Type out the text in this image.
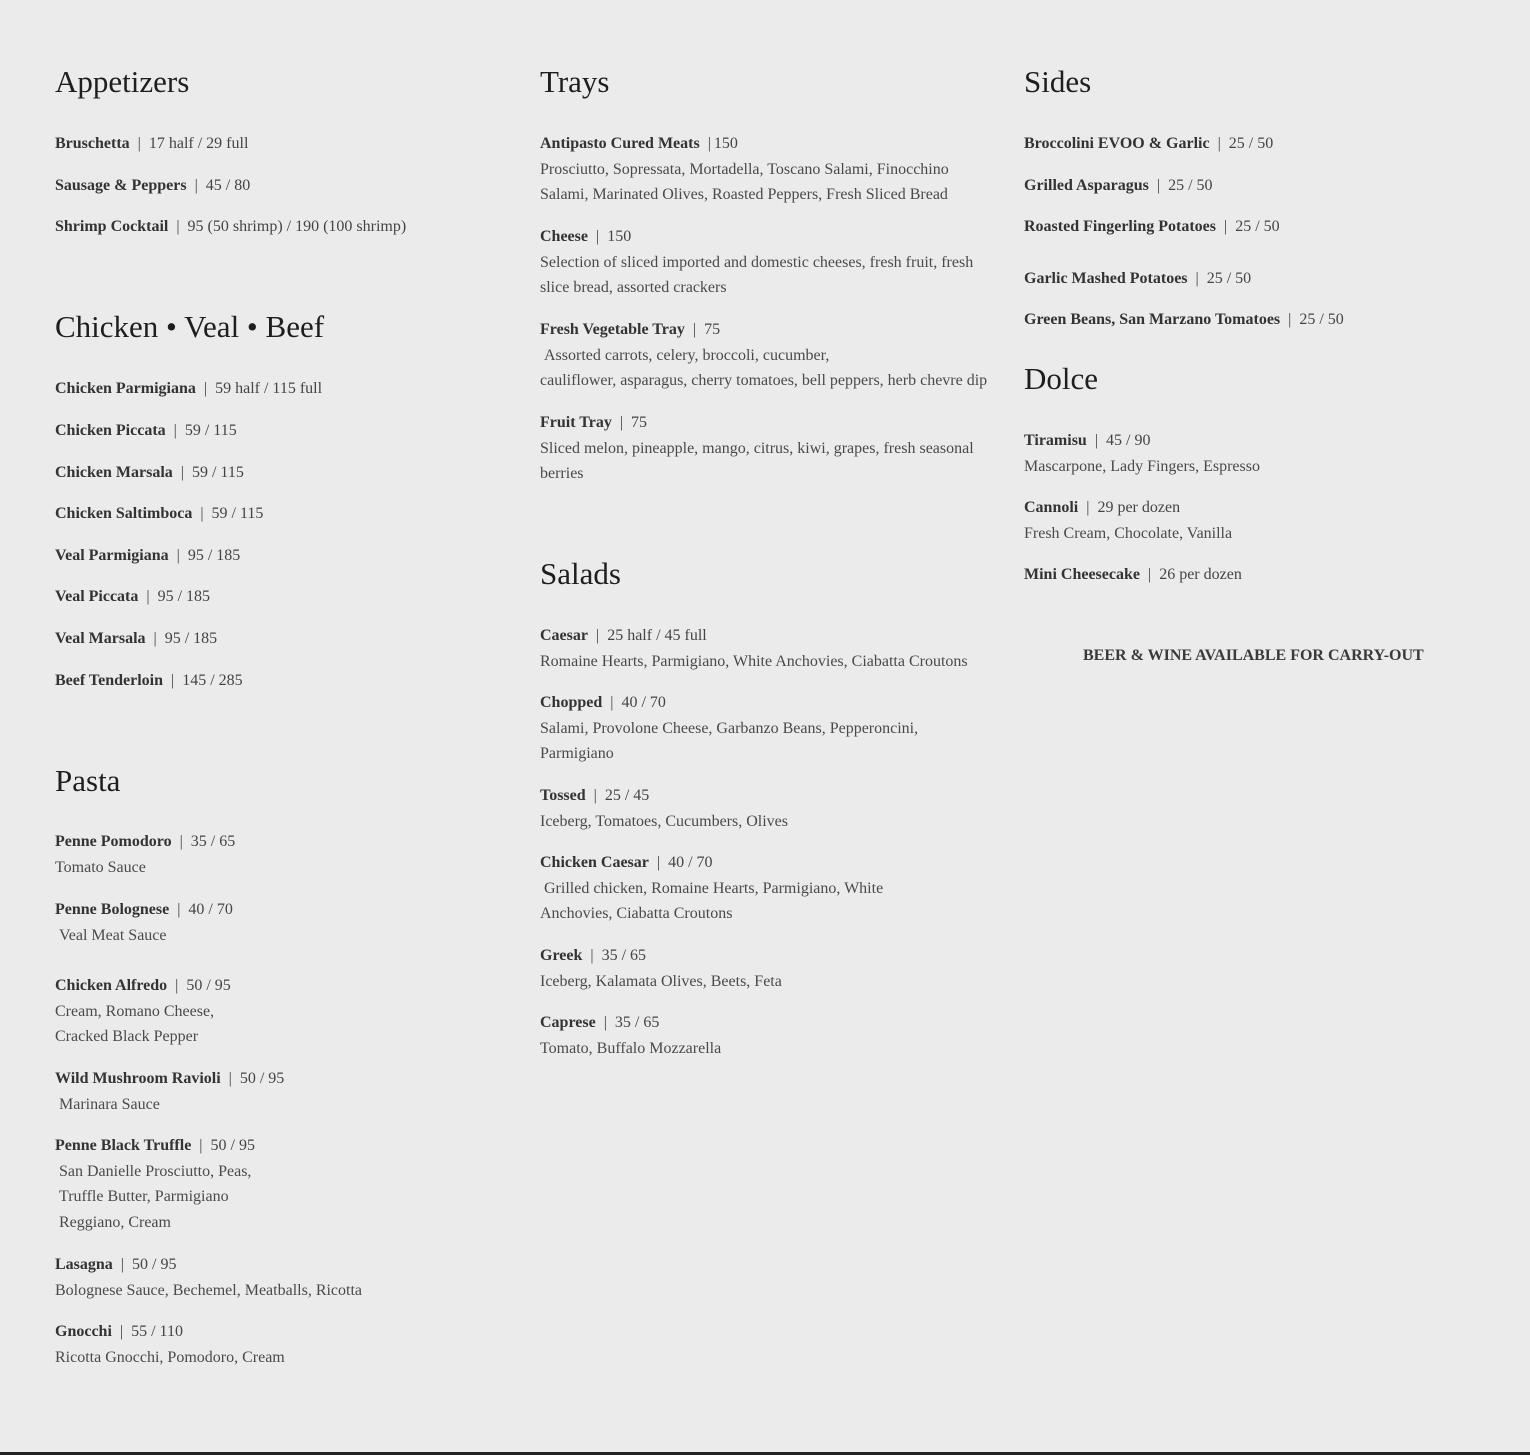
Appetizers
Bruschetta | 17 half / 29 full
Sausage & Peppers | 45 / 80
Shrimp Cocktail | 95 (50 shrimp) / 190 (100 shrimp)
Chicken • Veal • Beef
Chicken Parmigiana | 59 half / 115 full
Chicken Piccata | 59 / 115
Chicken Marsala | 59 / 115
Chicken Saltimboca | 59 / 115
Veal Parmigiana | 95 / 185
Veal Piccata | 95 / 185
Veal Marsala | 95 / 185
Beef Tenderloin | 145 / 285
Pasta
Penne Pomodoro | 35 / 65
Tomato Sauce
Penne Bolognese | 40 / 70
Veal Meat Sauce
Chicken Alfredo | 50 / 95
Cream, Romano Cheese,
Cracked Black Pepper
Wild Mushroom Ravioli | 50 / 95
Marinara Sauce
Penne Black Truffle | 50 / 95
San Danielle Prosciutto, Peas,
Truffle Butter, Parmigiano
Reggiano, Cream
Lasagna | 50 / 95
Bolognese Sauce, Bechemel, Meatballs, Ricotta
Gnocchi | 55 / 110
Ricotta Gnocchi, Pomodoro, Cream
Trays
Antipasto Cured Meats | 150
Prosciutto, Sopressata, Mortadella, Toscano Salami, Finocchino
Salami, Marinated Olives, Roasted Peppers, Fresh Sliced Bread
Cheese | 150
Selection of sliced imported and domestic cheeses, fresh fruit, fresh
slice bread, assorted crackers
Fresh Vegetable Tray | 75
Assorted carrots, celery, broccoli, cucumber,
cauliflower, asparagus, cherry tomatoes, bell peppers, herb chevre dip
Fruit Tray | 75
Sliced melon, pineapple, mango, citrus, kiwi, grapes, fresh seasonal
berries
Salads
Caesar | 25 half / 45 full
Romaine Hearts, Parmigiano, White Anchovies, Ciabatta Croutons
Chopped | 40 / 70
Salami, Provolone Cheese, Garbanzo Beans, Pepperoncini,
Parmigiano
Tossed | 25 / 45
Iceberg, Tomatoes, Cucumbers, Olives
Chicken Caesar | 40 / 70
Grilled chicken, Romaine Hearts, Parmigiano, White
Anchovies, Ciabatta Croutons
Greek | 35 / 65
Iceberg, Kalamata Olives, Beets, Feta
Caprese | 35 / 65
Tomato, Buffalo Mozzarella
Sides
Broccolini EVOO & Garlic | 25 / 50
Grilled Asparagus | 25 / 50
Roasted Fingerling Potatoes | 25 / 50
Garlic Mashed Potatoes | 25 / 50
Green Beans, San Marzano Tomatoes | 25 / 50
Dolce
Tiramisu | 45 / 90
Mascarpone, Lady Fingers, Espresso
Cannoli | 29 per dozen
Fresh Cream, Chocolate, Vanilla
Mini Cheesecake | 26 per dozen
BEER & WINE AVAILABLE FOR CARRY-OUT
